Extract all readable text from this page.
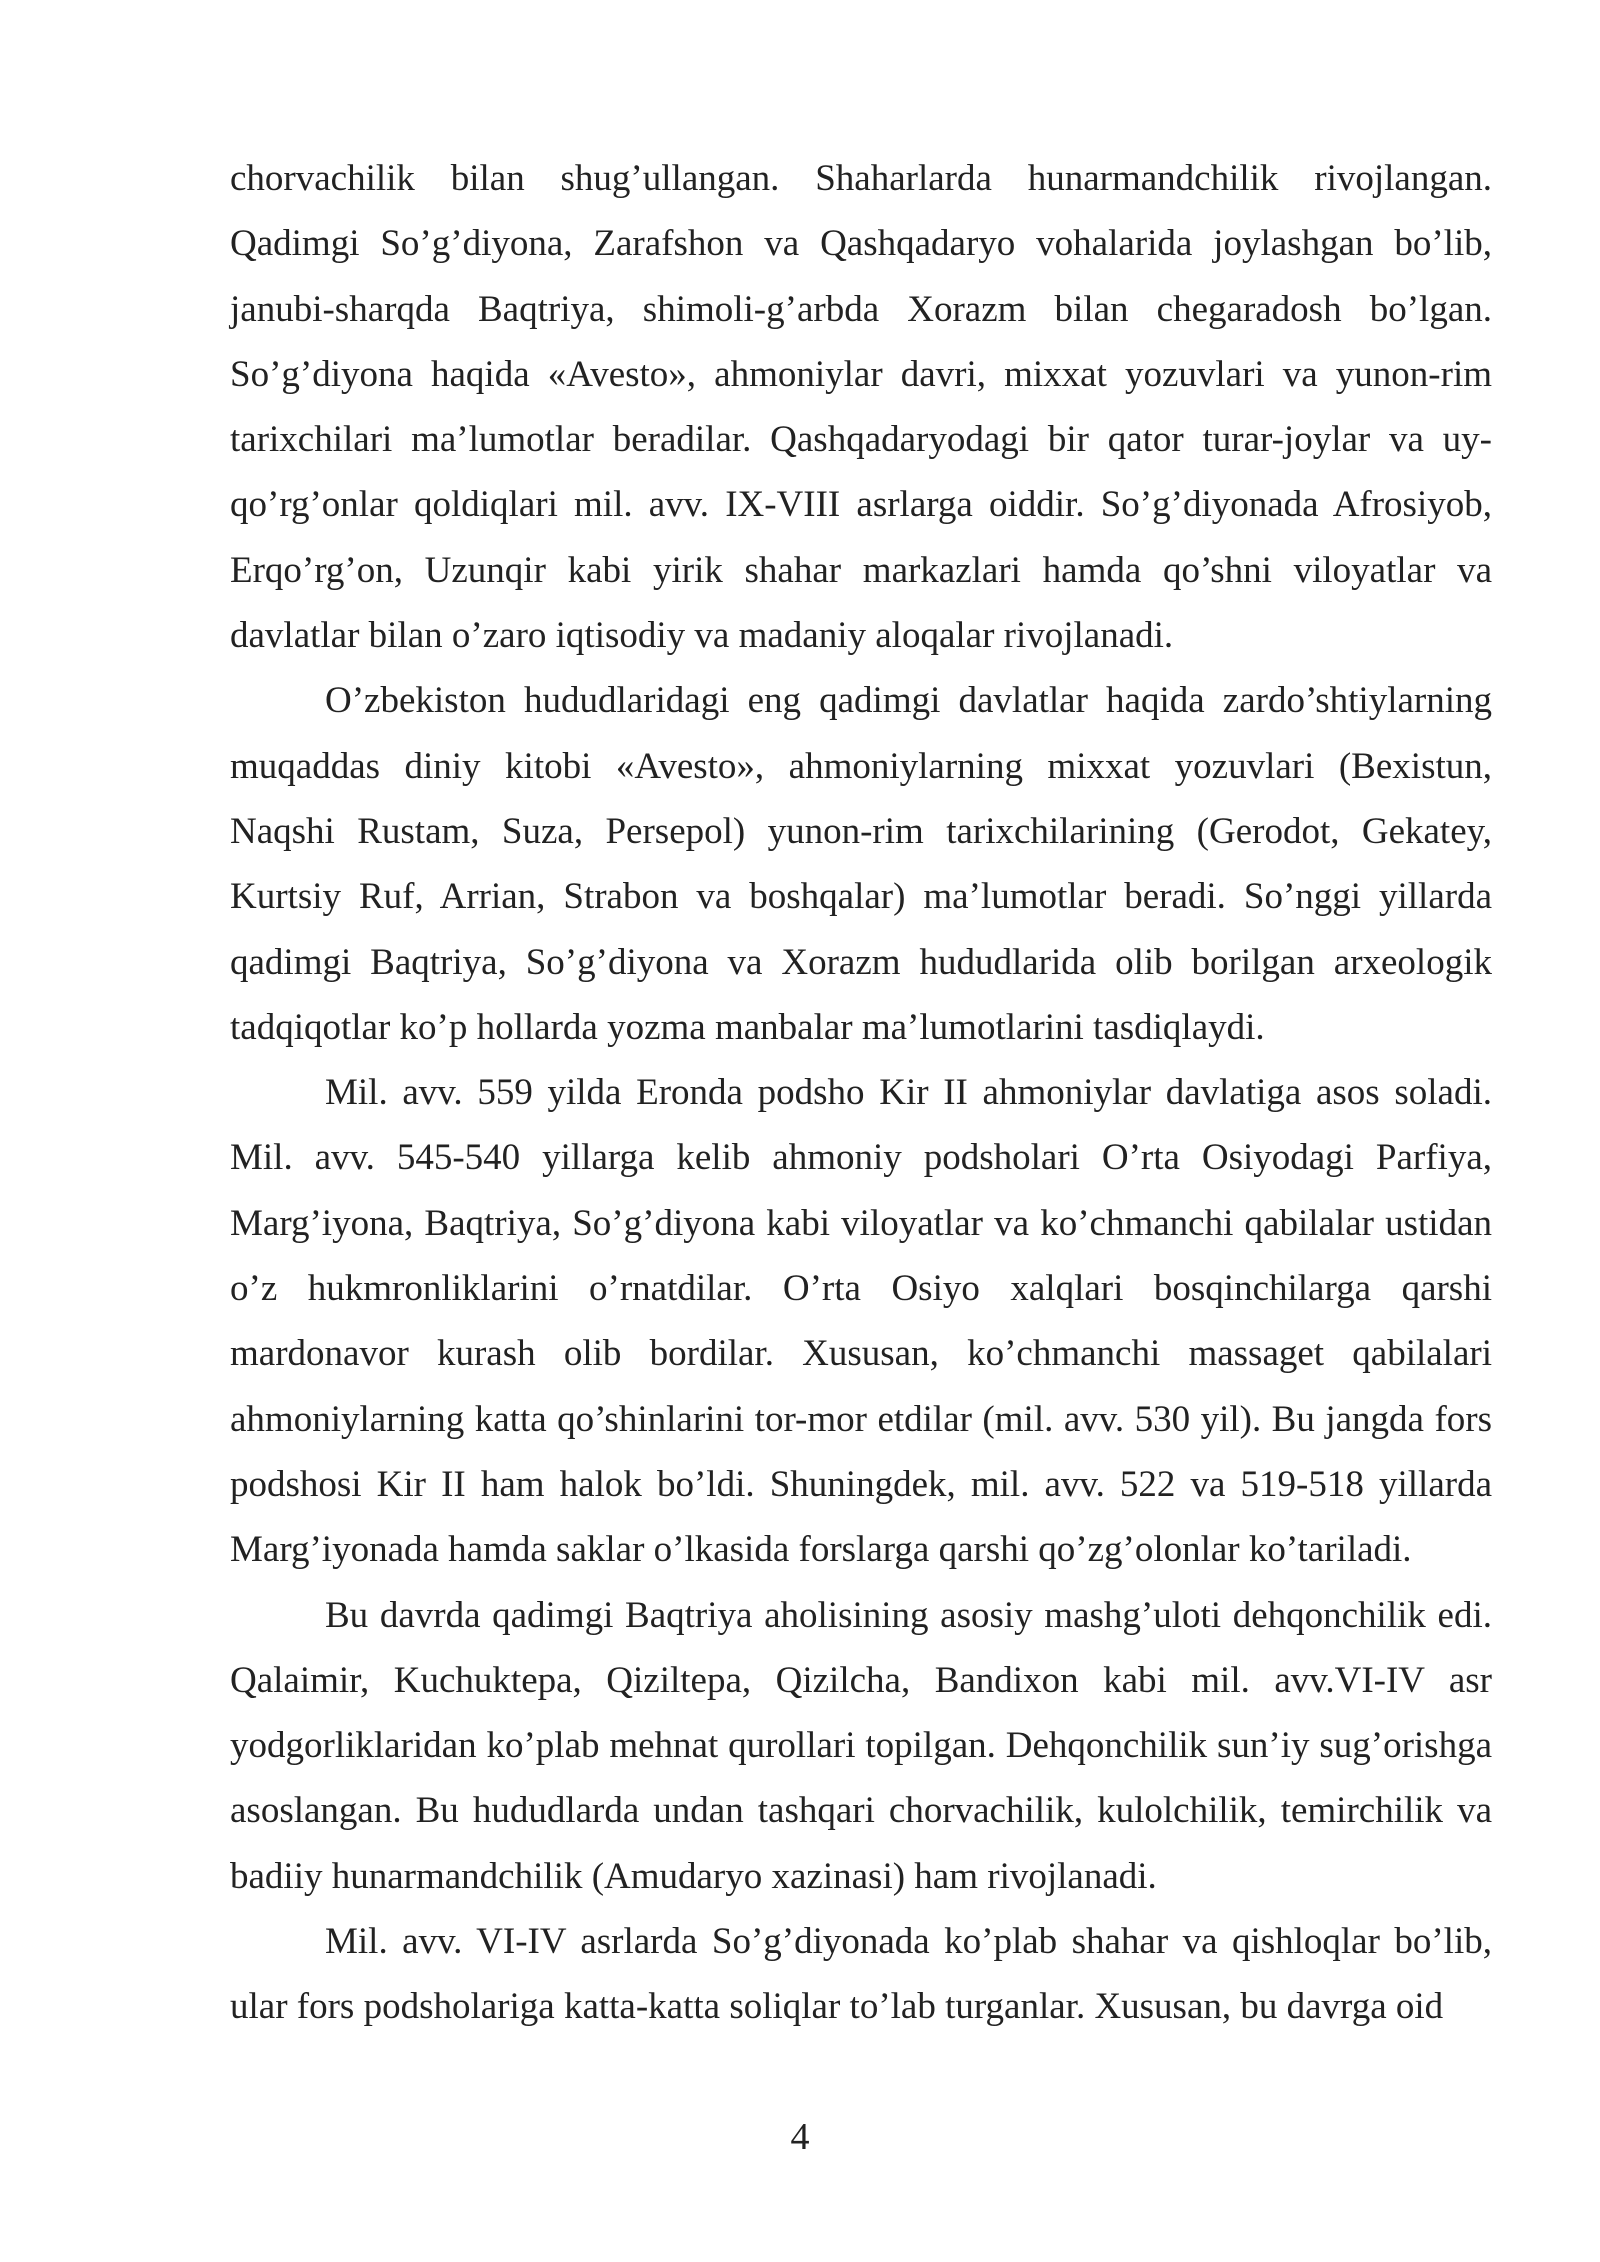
chorvachilik bilan shug’ullangan. Shaharlarda hunarmandchilik rivojlangan. Qadimgi So’g’diyona, Zarafshon va Qashqadaryo vohalarida joylashgan bo’lib, janubi-sharqda Baqtriya, shimoli-g’arbda Xorazm bilan chegaradosh bo’lgan. So’g’diyona haqida «Avesto», ahmoniylar davri, mixxat yozuvlari va yunon-rim tarixchilari ma’lumotlar beradilar. Qashqadaryodagi bir qator turar-joylar va uy-qo’rg’onlar qoldiqlari mil. avv. IX-VIII asrlarga oiddir. So’g’diyonada Afrosiyob, Erqo’rg’on, Uzunqir kabi yirik shahar markazlari hamda qo’shni viloyatlar va davlatlar bilan o’zaro iqtisodiy va madaniy aloqalar rivojlanadi.

O’zbekiston hududlaridagi eng qadimgi davlatlar haqida zardo’shtiylarning muqaddas diniy kitobi «Avesto», ahmoniylarning mixxat yozuvlari (Bexistun, Naqshi Rustam, Suza, Persepol) yunon-rim tarixchilarining (Gerodot, Gekatey, Kurtsiy Ruf, Arrian, Strabon va boshqalar) ma’lumotlar beradi. So’nggi yillarda qadimgi Baqtriya, So’g’diyona va Xorazm hududlarida olib borilgan arxeologik tadqiqotlar ko’p hollarda yozma manbalar ma’lumotlarini tasdiqlaydi.

Mil. avv. 559 yilda Eronda podsho Kir II ahmoniylar davlatiga asos soladi. Mil. avv. 545-540 yillarga kelib ahmoniy podsholari O’rta Osiyodagi Parfiya, Marg’iyona, Baqtriya, So’g’diyona kabi viloyatlar va ko’chmanchi qabilalar ustidan o’z hukmronliklarini o’rnatdilar. O’rta Osiyo xalqlari bosqinchilarga qarshi mardonavor kurash olib bordilar. Xususan, ko’chmanchi massaget qabilalari ahmoniylarning katta qo’shinlarini tor-mor etdilar (mil. avv. 530 yil). Bu jangda fors podshosi Kir II ham halok bo’ldi. Shuningdek, mil. avv. 522 va 519-518 yillarda Marg’iyonada hamda saklar o’lkasida forslarga qarshi qo’zg’olonlar ko’tariladi.

Bu davrda qadimgi Baqtriya aholisining asosiy mashg’uloti dehqonchilik edi. Qalaimir, Kuchuktepa, Qiziltepa, Qizilcha, Bandixon kabi mil. avv.VI-IV asr yodgorliklaridan ko’plab mehnat qurollari topilgan. Dehqonchilik sun’iy sug’orishga asoslangan. Bu hududlarda undan tashqari chorvachilik, kulolchilik, temirchilik va badiiy hunarmandchilik (Amudaryo xazinasi) ham rivojlanadi.

Mil. avv. VI-IV asrlarda So’g’diyonada ko’plab shahar va qishloqlar bo’lib, ular fors podsholariga katta-katta soliqlar to’lab turganlar. Xususan, bu davrga oid

4
